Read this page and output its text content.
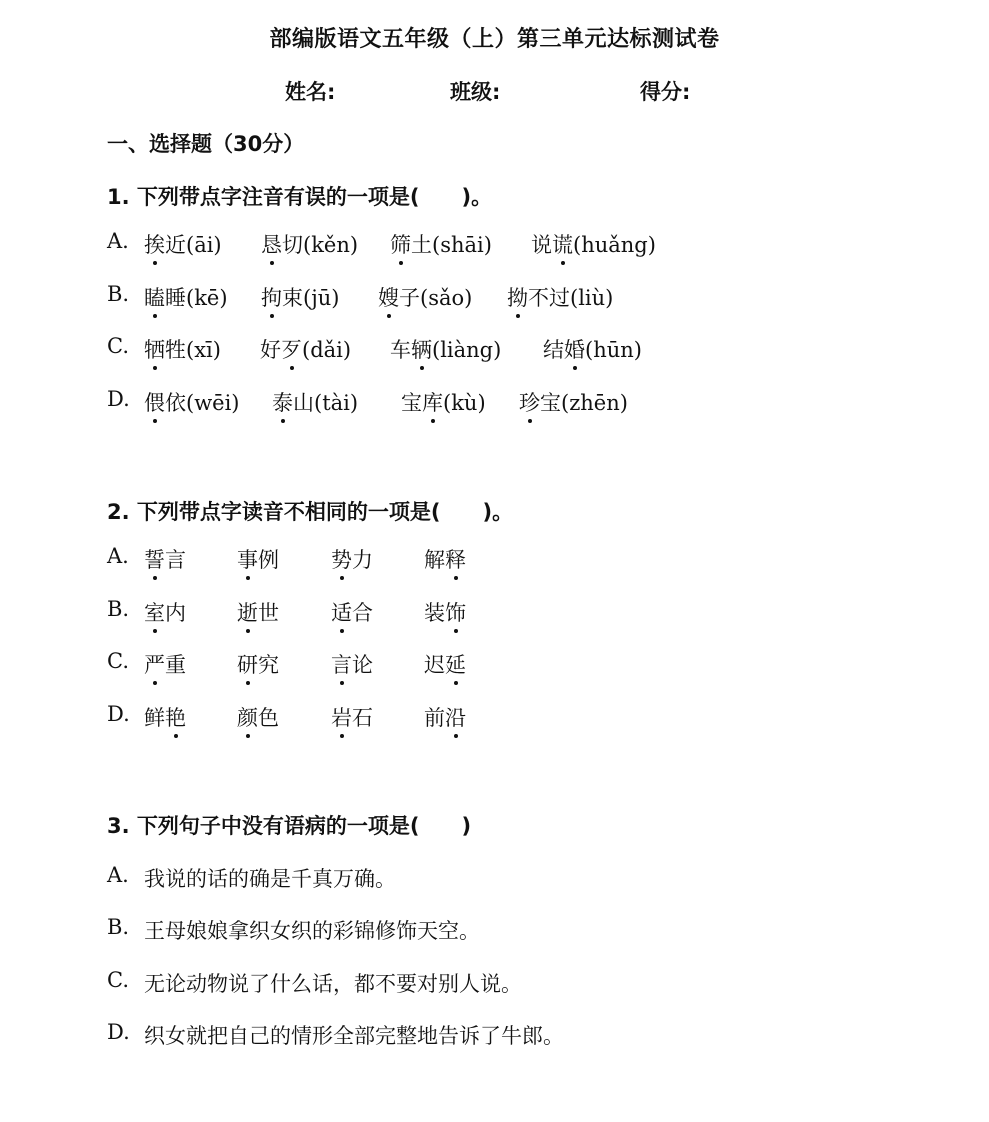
部编版语文五年级（上）第三单元达标测试卷
姓名:	班级:	得分:
一、选择题（30分）
1. 下列带点字注音有误的一项是(　　)。
A. 挨近(āi) 恳切(kěn) 筛土(shāi) 说谎(huǎng)
B. 瞌睡(kē) 拘束(jū) 嫂子(sǎo) 拗不过(liù)
C. 牺牲(xī) 好歹(dǎi) 车辆(liàng) 结婚(hūn)
D. 偎依(wēi) 泰山(tài) 宝库(kù) 珍宝(zhēn)
2. 下列带点字读音不相同的一项是(　　)。
A. 誓言 事例 势力 解释
B. 室内 逝世 适合 装饰
C. 严重 研究 言论 迟延
D. 鲜艳 颜色 岩石 前沿
3. 下列句子中没有语病的一项是(　　)
A. 我说的话的确是千真万确。
B. 王母娘娘拿织女织的彩锦修饰天空。
C. 无论动物说了什么话，都不要对别人说。
D. 织女就把自己的情形全部完整地告诉了牛郎。
